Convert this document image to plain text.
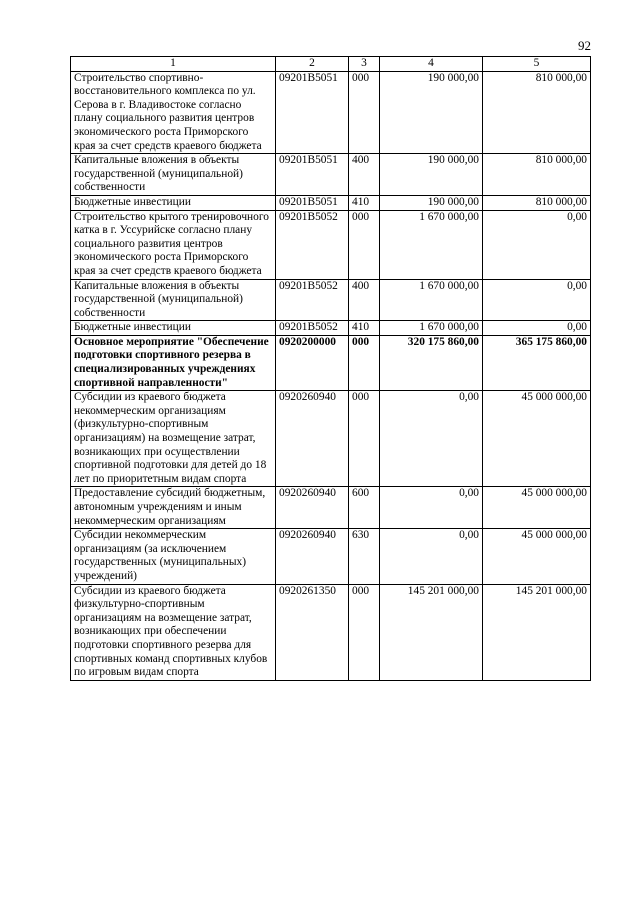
92
1	2	3	4	5
Строительство спортивно-восстановительного комплекса по ул. Серова в г. Владивостоке согласно плану социального развития центров экономического роста Приморского края за счет средств краевого бюджета	09201B5051	000	190 000,00	810 000,00
Капитальные вложения в объекты государственной (муниципальной) собственности	09201B5051	400	190 000,00	810 000,00
Бюджетные инвестиции	09201B5051	410	190 000,00	810 000,00
Строительство крытого тренировочного катка в г. Уссурийске согласно плану социального развития центров экономического роста Приморского края за счет средств краевого бюджета	09201B5052	000	1 670 000,00	0,00
Капитальные вложения в объекты государственной (муниципальной) собственности	09201B5052	400	1 670 000,00	0,00
Бюджетные инвестиции	09201B5052	410	1 670 000,00	0,00
Основное мероприятие "Обеспечение подготовки спортивного резерва в специализированных учреждениях спортивной направленности"	0920200000	000	320 175 860,00	365 175 860,00
Субсидии из краевого бюджета некоммерческим организациям (физкультурно-спортивным организациям) на возмещение затрат, возникающих при осуществлении спортивной подготовки для детей до 18 лет по приоритетным видам спорта	0920260940	000	0,00	45 000 000,00
Предоставление субсидий бюджетным, автономным учреждениям и иным некоммерческим организациям	0920260940	600	0,00	45 000 000,00
Субсидии некоммерческим организациям (за исключением государственных (муниципальных) учреждений)	0920260940	630	0,00	45 000 000,00
Субсидии из краевого бюджета физкультурно-спортивным организациям на возмещение затрат, возникающих при обеспечении подготовки спортивного резерва для спортивных команд спортивных клубов по игровым видам спорта	0920261350	000	145 201 000,00	145 201 000,00
